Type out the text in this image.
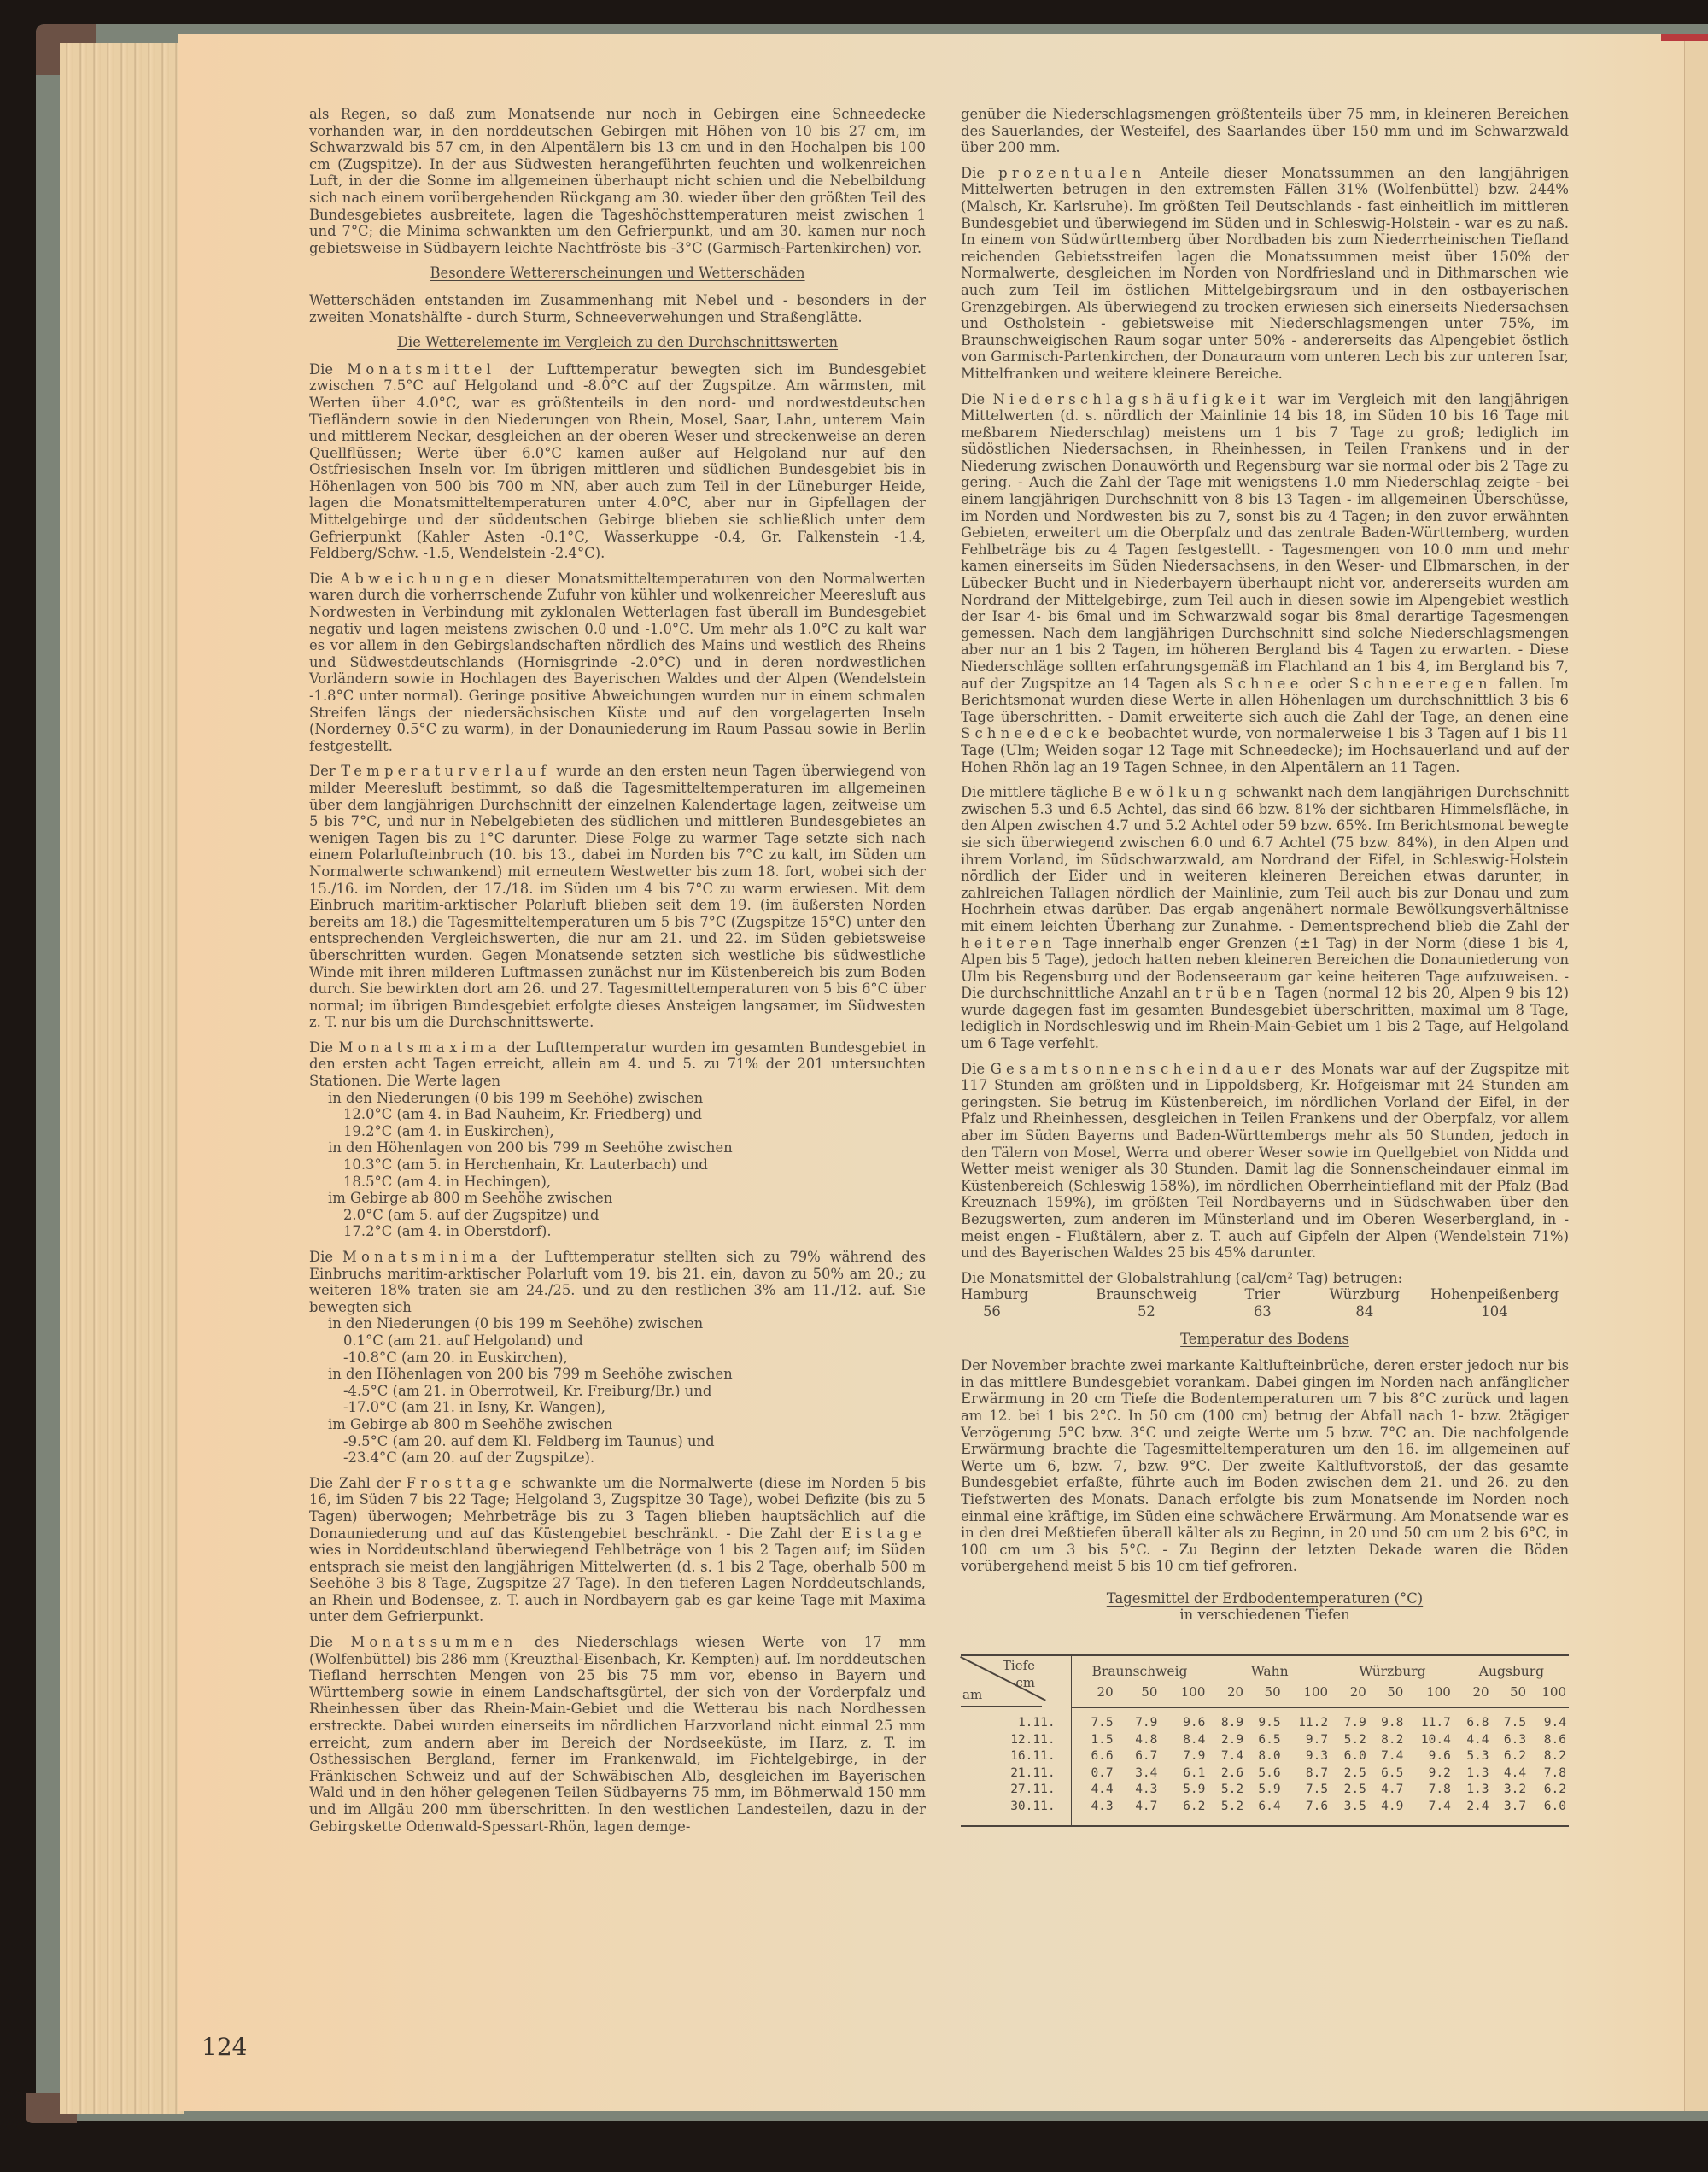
als Regen, so daß zum Monatsende nur noch in Gebirgen eine Schneedecke vorhanden war, in den norddeutschen Gebirgen mit Höhen von 10 bis 27 cm, im Schwarzwald bis 57 cm, in den Alpentälern bis 13 cm und in den Hochalpen bis 100 cm (Zugspitze). In der aus Südwesten herangeführten feuchten und wolkenreichen Luft, in der die Sonne im allgemeinen überhaupt nicht schien und die Nebelbildung sich nach einem vorübergehenden Rückgang am 30. wieder über den größten Teil des Bundesgebietes ausbreitete, lagen die Tageshöchsttemperaturen meist zwischen 1 und 7°C; die Minima schwankten um den Gefrierpunkt, und am 30. kamen nur noch gebietsweise in Südbayern leichte Nachtfröste bis -3°C (Garmisch-Partenkirchen) vor.

Besondere Wettererscheinungen und Wetterschäden

Wetterschäden entstanden im Zusammenhang mit Nebel und - besonders in der zweiten Monatshälfte - durch Sturm, Schneeverwehungen und Straßenglätte.

Die Wetterelemente im Vergleich zu den Durchschnittswerten

Die Monatsmittel der Lufttemperatur bewegten sich im Bundesgebiet zwischen 7.5°C auf Helgoland und -8.0°C auf der Zugspitze. Am wärmsten, mit Werten über 4.0°C, war es größtenteils in den nord- und nordwestdeutschen Tiefländern sowie in den Niederungen von Rhein, Mosel, Saar, Lahn, unterem Main und mittlerem Neckar, desgleichen an der oberen Weser und streckenweise an deren Quellflüssen; Werte über 6.0°C kamen außer auf Helgoland nur auf den Ostfriesischen Inseln vor. Im übrigen mittleren und südlichen Bundesgebiet bis in Höhenlagen von 500 bis 700 m NN, aber auch zum Teil in der Lüneburger Heide, lagen die Monatsmitteltemperaturen unter 4.0°C, aber nur in Gipfellagen der Mittelgebirge und der süddeutschen Gebirge blieben sie schließlich unter dem Gefrierpunkt (Kahler Asten -0.1°C, Wasserkuppe -0.4, Gr. Falkenstein -1.4, Feldberg/Schw. -1.5, Wendelstein -2.4°C).

Die Abweichungen dieser Monatsmitteltemperaturen von den Normalwerten waren durch die vorherrschende Zufuhr von kühler und wolkenreicher Meeresluft aus Nordwesten in Verbindung mit zyklonalen Wetterlagen fast überall im Bundesgebiet negativ und lagen meistens zwischen 0.0 und -1.0°C. Um mehr als 1.0°C zu kalt war es vor allem in den Gebirgslandschaften nördlich des Mains und westlich des Rheins und Südwestdeutschlands (Hornisgrinde -2.0°C) und in deren nordwestlichen Vorländern sowie in Hochlagen des Bayerischen Waldes und der Alpen (Wendelstein -1.8°C unter normal). Geringe positive Abweichungen wurden nur in einem schmalen Streifen längs der niedersächsischen Küste und auf den vorgelagerten Inseln (Norderney 0.5°C zu warm), in der Donauniederung im Raum Passau sowie in Berlin festgestellt.

Der Temperaturverlauf wurde an den ersten neun Tagen überwiegend von milder Meeresluft bestimmt, so daß die Tagesmitteltemperaturen im allgemeinen über dem langjährigen Durchschnitt der einzelnen Kalendertage lagen, zeitweise um 5 bis 7°C, und nur in Nebelgebieten des südlichen und mittleren Bundesgebietes an wenigen Tagen bis zu 1°C darunter. Diese Folge zu warmer Tage setzte sich nach einem Polarlufteinbruch (10. bis 13., dabei im Norden bis 7°C zu kalt, im Süden um Normalwerte schwankend) mit erneutem Westwetter bis zum 18. fort, wobei sich der 15./16. im Norden, der 17./18. im Süden um 4 bis 7°C zu warm erwiesen. Mit dem Einbruch maritim-arktischer Polarluft blieben seit dem 19. (im äußersten Norden bereits am 18.) die Tagesmitteltemperaturen um 5 bis 7°C (Zugspitze 15°C) unter den entsprechenden Vergleichswerten, die nur am 21. und 22. im Süden gebietsweise überschritten wurden. Gegen Monatsende setzten sich westliche bis südwestliche Winde mit ihren milderen Luftmassen zunächst nur im Küstenbereich bis zum Boden durch. Sie bewirkten dort am 26. und 27. Tagesmitteltemperaturen von 5 bis 6°C über normal; im übrigen Bundesgebiet erfolgte dieses Ansteigen langsamer, im Südwesten z. T. nur bis um die Durchschnittswerte.

Die Monatsmaxima der Lufttemperatur wurden im gesamten Bundesgebiet in den ersten acht Tagen erreicht, allein am 4. und 5. zu 71% der 201 untersuchten Stationen. Die Werte lagen

in den Niederungen (0 bis 199 m Seehöhe) zwischen
12.0°C (am 4. in Bad Nauheim, Kr. Friedberg) und
19.2°C (am 4. in Euskirchen),
in den Höhenlagen von 200 bis 799 m Seehöhe zwischen
10.3°C (am 5. in Herchenhain, Kr. Lauterbach) und
18.5°C (am 4. in Hechingen),
im Gebirge ab 800 m Seehöhe zwischen
2.0°C (am 5. auf der Zugspitze) und
17.2°C (am 4. in Oberstdorf).

Die Monatsminima der Lufttemperatur stellten sich zu 79% während des Einbruchs maritim-arktischer Polarluft vom 19. bis 21. ein, davon zu 50% am 20.; zu weiteren 18% traten sie am 24./25. und zu den restlichen 3% am 11./12. auf. Sie bewegten sich

in den Niederungen (0 bis 199 m Seehöhe) zwischen
0.1°C (am 21. auf Helgoland) und
-10.8°C (am 20. in Euskirchen),
in den Höhenlagen von 200 bis 799 m Seehöhe zwischen
-4.5°C (am 21. in Oberrotweil, Kr. Freiburg/Br.) und
-17.0°C (am 21. in Isny, Kr. Wangen),
im Gebirge ab 800 m Seehöhe zwischen
-9.5°C (am 20. auf dem Kl. Feldberg im Taunus) und
-23.4°C (am 20. auf der Zugspitze).

Die Zahl der Frosttage schwankte um die Normalwerte (diese im Norden 5 bis 16, im Süden 7 bis 22 Tage; Helgoland 3, Zugspitze 30 Tage), wobei Defizite (bis zu 5 Tagen) überwogen; Mehrbeträge bis zu 3 Tagen blieben hauptsächlich auf die Donauniederung und auf das Küstengebiet beschränkt. - Die Zahl der Eistage wies in Norddeutschland überwiegend Fehlbeträge von 1 bis 2 Tagen auf; im Süden entsprach sie meist den langjährigen Mittelwerten (d. s. 1 bis 2 Tage, oberhalb 500 m Seehöhe 3 bis 8 Tage, Zugspitze 27 Tage). In den tieferen Lagen Norddeutschlands, an Rhein und Bodensee, z. T. auch in Nordbayern gab es gar keine Tage mit Maxima unter dem Gefrierpunkt.

Die Monatssummen des Niederschlags wiesen Werte von 17 mm (Wolfenbüttel) bis 286 mm (Kreuzthal-Eisenbach, Kr. Kempten) auf. Im norddeutschen Tiefland herrschten Mengen von 25 bis 75 mm vor, ebenso in Bayern und Württemberg sowie in einem Landschaftsgürtel, der sich von der Vorderpfalz und Rheinhessen über das Rhein-Main-Gebiet und die Wetterau bis nach Nordhessen erstreckte. Dabei wurden einerseits im nördlichen Harzvorland nicht einmal 25 mm erreicht, zum andern aber im Bereich der Nordseeküste, im Harz, z. T. im Osthessischen Bergland, ferner im Frankenwald, im Fichtelgebirge, in der Fränkischen Schweiz und auf der Schwäbischen Alb, desgleichen im Bayerischen Wald und in den höher gelegenen Teilen Südbayerns 75 mm, im Böhmerwald 150 mm und im Allgäu 200 mm überschritten. In den westlichen Landesteilen, dazu in der Gebirgskette Odenwald-Spessart-Rhön, lagen demge-

genüber die Niederschlagsmengen größtenteils über 75 mm, in kleineren Bereichen des Sauerlandes, der Westeifel, des Saarlandes über 150 mm und im Schwarzwald über 200 mm.

Die prozentualen Anteile dieser Monatssummen an den langjährigen Mittelwerten betrugen in den extremsten Fällen 31% (Wolfenbüttel) bzw. 244% (Malsch, Kr. Karlsruhe). Im größten Teil Deutschlands - fast einheitlich im mittleren Bundesgebiet und überwiegend im Süden und in Schleswig-Holstein - war es zu naß. In einem von Südwürttemberg über Nordbaden bis zum Niederrheinischen Tiefland reichenden Gebietsstreifen lagen die Monatssummen meist über 150% der Normalwerte, desgleichen im Norden von Nordfriesland und in Dithmarschen wie auch zum Teil im östlichen Mittelgebirgsraum und in den ostbayerischen Grenzgebirgen. Als überwiegend zu trocken erwiesen sich einerseits Niedersachsen und Ostholstein - gebietsweise mit Niederschlagsmengen unter 75%, im Braunschweigischen Raum sogar unter 50% - andererseits das Alpengebiet östlich von Garmisch-Partenkirchen, der Donauraum vom unteren Lech bis zur unteren Isar, Mittelfranken und weitere kleinere Bereiche.

Die Niederschlagshäufigkeit war im Vergleich mit den langjährigen Mittelwerten (d. s. nördlich der Mainlinie 14 bis 18, im Süden 10 bis 16 Tage mit meßbarem Niederschlag) meistens um 1 bis 7 Tage zu groß; lediglich im südöstlichen Niedersachsen, in Rheinhessen, in Teilen Frankens und in der Niederung zwischen Donauwörth und Regensburg war sie normal oder bis 2 Tage zu gering. - Auch die Zahl der Tage mit wenigstens 1.0 mm Niederschlag zeigte - bei einem langjährigen Durchschnitt von 8 bis 13 Tagen - im allgemeinen Überschüsse, im Norden und Nordwesten bis zu 7, sonst bis zu 4 Tagen; in den zuvor erwähnten Gebieten, erweitert um die Oberpfalz und das zentrale Baden-Württemberg, wurden Fehlbeträge bis zu 4 Tagen festgestellt. - Tagesmengen von 10.0 mm und mehr kamen einerseits im Süden Niedersachsens, in den Weser- und Elbmarschen, in der Lübecker Bucht und in Niederbayern überhaupt nicht vor, andererseits wurden am Nordrand der Mittelgebirge, zum Teil auch in diesen sowie im Alpengebiet westlich der Isar 4- bis 6mal und im Schwarzwald sogar bis 8mal derartige Tagesmengen gemessen. Nach dem langjährigen Durchschnitt sind solche Niederschlagsmengen aber nur an 1 bis 2 Tagen, im höheren Bergland bis 4 Tagen zu erwarten. - Diese Niederschläge sollten erfahrungsgemäß im Flachland an 1 bis 4, im Bergland bis 7, auf der Zugspitze an 14 Tagen als Schnee oder Schneeregen fallen. Im Berichtsmonat wurden diese Werte in allen Höhenlagen um durchschnittlich 3 bis 6 Tage überschritten. - Damit erweiterte sich auch die Zahl der Tage, an denen eine Schneedecke beobachtet wurde, von normalerweise 1 bis 3 Tagen auf 1 bis 11 Tage (Ulm; Weiden sogar 12 Tage mit Schneedecke); im Hochsauerland und auf der Hohen Rhön lag an 19 Tagen Schnee, in den Alpentälern an 11 Tagen.

Die mittlere tägliche Bewölkung schwankt nach dem langjährigen Durchschnitt zwischen 5.3 und 6.5 Achtel, das sind 66 bzw. 81% der sichtbaren Himmelsfläche, in den Alpen zwischen 4.7 und 5.2 Achtel oder 59 bzw. 65%. Im Berichtsmonat bewegte sie sich überwiegend zwischen 6.0 und 6.7 Achtel (75 bzw. 84%), in den Alpen und ihrem Vorland, im Südschwarzwald, am Nordrand der Eifel, in Schleswig-Holstein nördlich der Eider und in weiteren kleineren Bereichen etwas darunter, in zahlreichen Tallagen nördlich der Mainlinie, zum Teil auch bis zur Donau und zum Hochrhein etwas darüber. Das ergab angenähert normale Bewölkungsverhältnisse mit einem leichten Überhang zur Zunahme. - Dementsprechend blieb die Zahl der heiteren Tage innerhalb enger Grenzen (±1 Tag) in der Norm (diese 1 bis 4, Alpen bis 5 Tage), jedoch hatten neben kleineren Bereichen die Donauniederung von Ulm bis Regensburg und der Bodenseeraum gar keine heiteren Tage aufzuweisen. - Die durchschnittliche Anzahl an trüben Tagen (normal 12 bis 20, Alpen 9 bis 12) wurde dagegen fast im gesamten Bundesgebiet überschritten, maximal um 8 Tage, lediglich in Nordschleswig und im Rhein-Main-Gebiet um 1 bis 2 Tage, auf Helgoland um 6 Tage verfehlt.

Die Gesamtsonnenscheindauer des Monats war auf der Zugspitze mit 117 Stunden am größten und in Lippoldsberg, Kr. Hofgeismar mit 24 Stunden am geringsten. Sie betrug im Küstenbereich, im nördlichen Vorland der Eifel, in der Pfalz und Rheinhessen, desgleichen in Teilen Frankens und der Oberpfalz, vor allem aber im Süden Bayerns und Baden-Württembergs mehr als 50 Stunden, jedoch in den Tälern von Mosel, Werra und oberer Weser sowie im Quellgebiet von Nidda und Wetter meist weniger als 30 Stunden. Damit lag die Sonnenscheindauer einmal im Küstenbereich (Schleswig 158%), im nördlichen Oberrheintiefland mit der Pfalz (Bad Kreuznach 159%), im größten Teil Nordbayerns und in Südschwaben über den Bezugswerten, zum anderen im Münsterland und im Oberen Weserbergland, in - meist engen - Flußtälern, aber z. T. auch auf Gipfeln der Alpen (Wendelstein 71%) und des Bayerischen Waldes 25 bis 45% darunter.

Die Monatsmittel der Globalstrahlung (cal/cm² Tag) betrugen:
Hamburg	Braunschweig	Trier	Würzburg	Hohenpeißenberg
56	52	63	84	104
Temperatur des Bodens

Der November brachte zwei markante Kaltlufteinbrüche, deren erster jedoch nur bis in das mittlere Bundesgebiet vorankam. Dabei gingen im Norden nach anfänglicher Erwärmung in 20 cm Tiefe die Bodentemperaturen um 7 bis 8°C zurück und lagen am 12. bei 1 bis 2°C. In 50 cm (100 cm) betrug der Abfall nach 1- bzw. 2tägiger Verzögerung 5°C bzw. 3°C und zeigte Werte um 5 bzw. 7°C an. Die nachfolgende Erwärmung brachte die Tagesmitteltemperaturen um den 16. im allgemeinen auf Werte um 6, bzw. 7, bzw. 9°C. Der zweite Kaltluftvorstoß, der das gesamte Bundesgebiet erfaßte, führte auch im Boden zwischen dem 21. und 26. zu den Tiefstwerten des Monats. Danach erfolgte bis zum Monatsende im Norden noch einmal eine kräftige, im Süden eine schwächere Erwärmung. Am Monatsende war es in den drei Meßtiefen überall kälter als zu Beginn, in 20 und 50 cm um 2 bis 6°C, in 100 cm um 3 bis 5°C. - Zu Beginn der letzten Dekade waren die Böden vorübergehend meist 5 bis 10 cm tief gefroren.

Tagesmittel der Erdbodentemperaturen (°C)
in verschiedenen Tiefen
Tiefe
cm
am	Braunschweig			Wahn			Würzburg			Augsburg		
	20	50	100	20	50	100	20	50	100	20	50	100
1.11.	7.5	7.9	9.6	8.9	9.5	11.2	7.9	9.8	11.7	6.8	7.5	9.4
12.11.	1.5	4.8	8.4	2.9	6.5	9.7	5.2	8.2	10.4	4.4	6.3	8.6
16.11.	6.6	6.7	7.9	7.4	8.0	9.3	6.0	7.4	9.6	5.3	6.2	8.2
21.11.	0.7	3.4	6.1	2.6	5.6	8.7	2.5	6.5	9.2	1.3	4.4	7.8
27.11.	4.4	4.3	5.9	5.2	5.9	7.5	2.5	4.7	7.8	1.3	3.2	6.2
30.11.	4.3	4.7	6.2	5.2	6.4	7.6	3.5	4.9	7.4	2.4	3.7	6.0
124
